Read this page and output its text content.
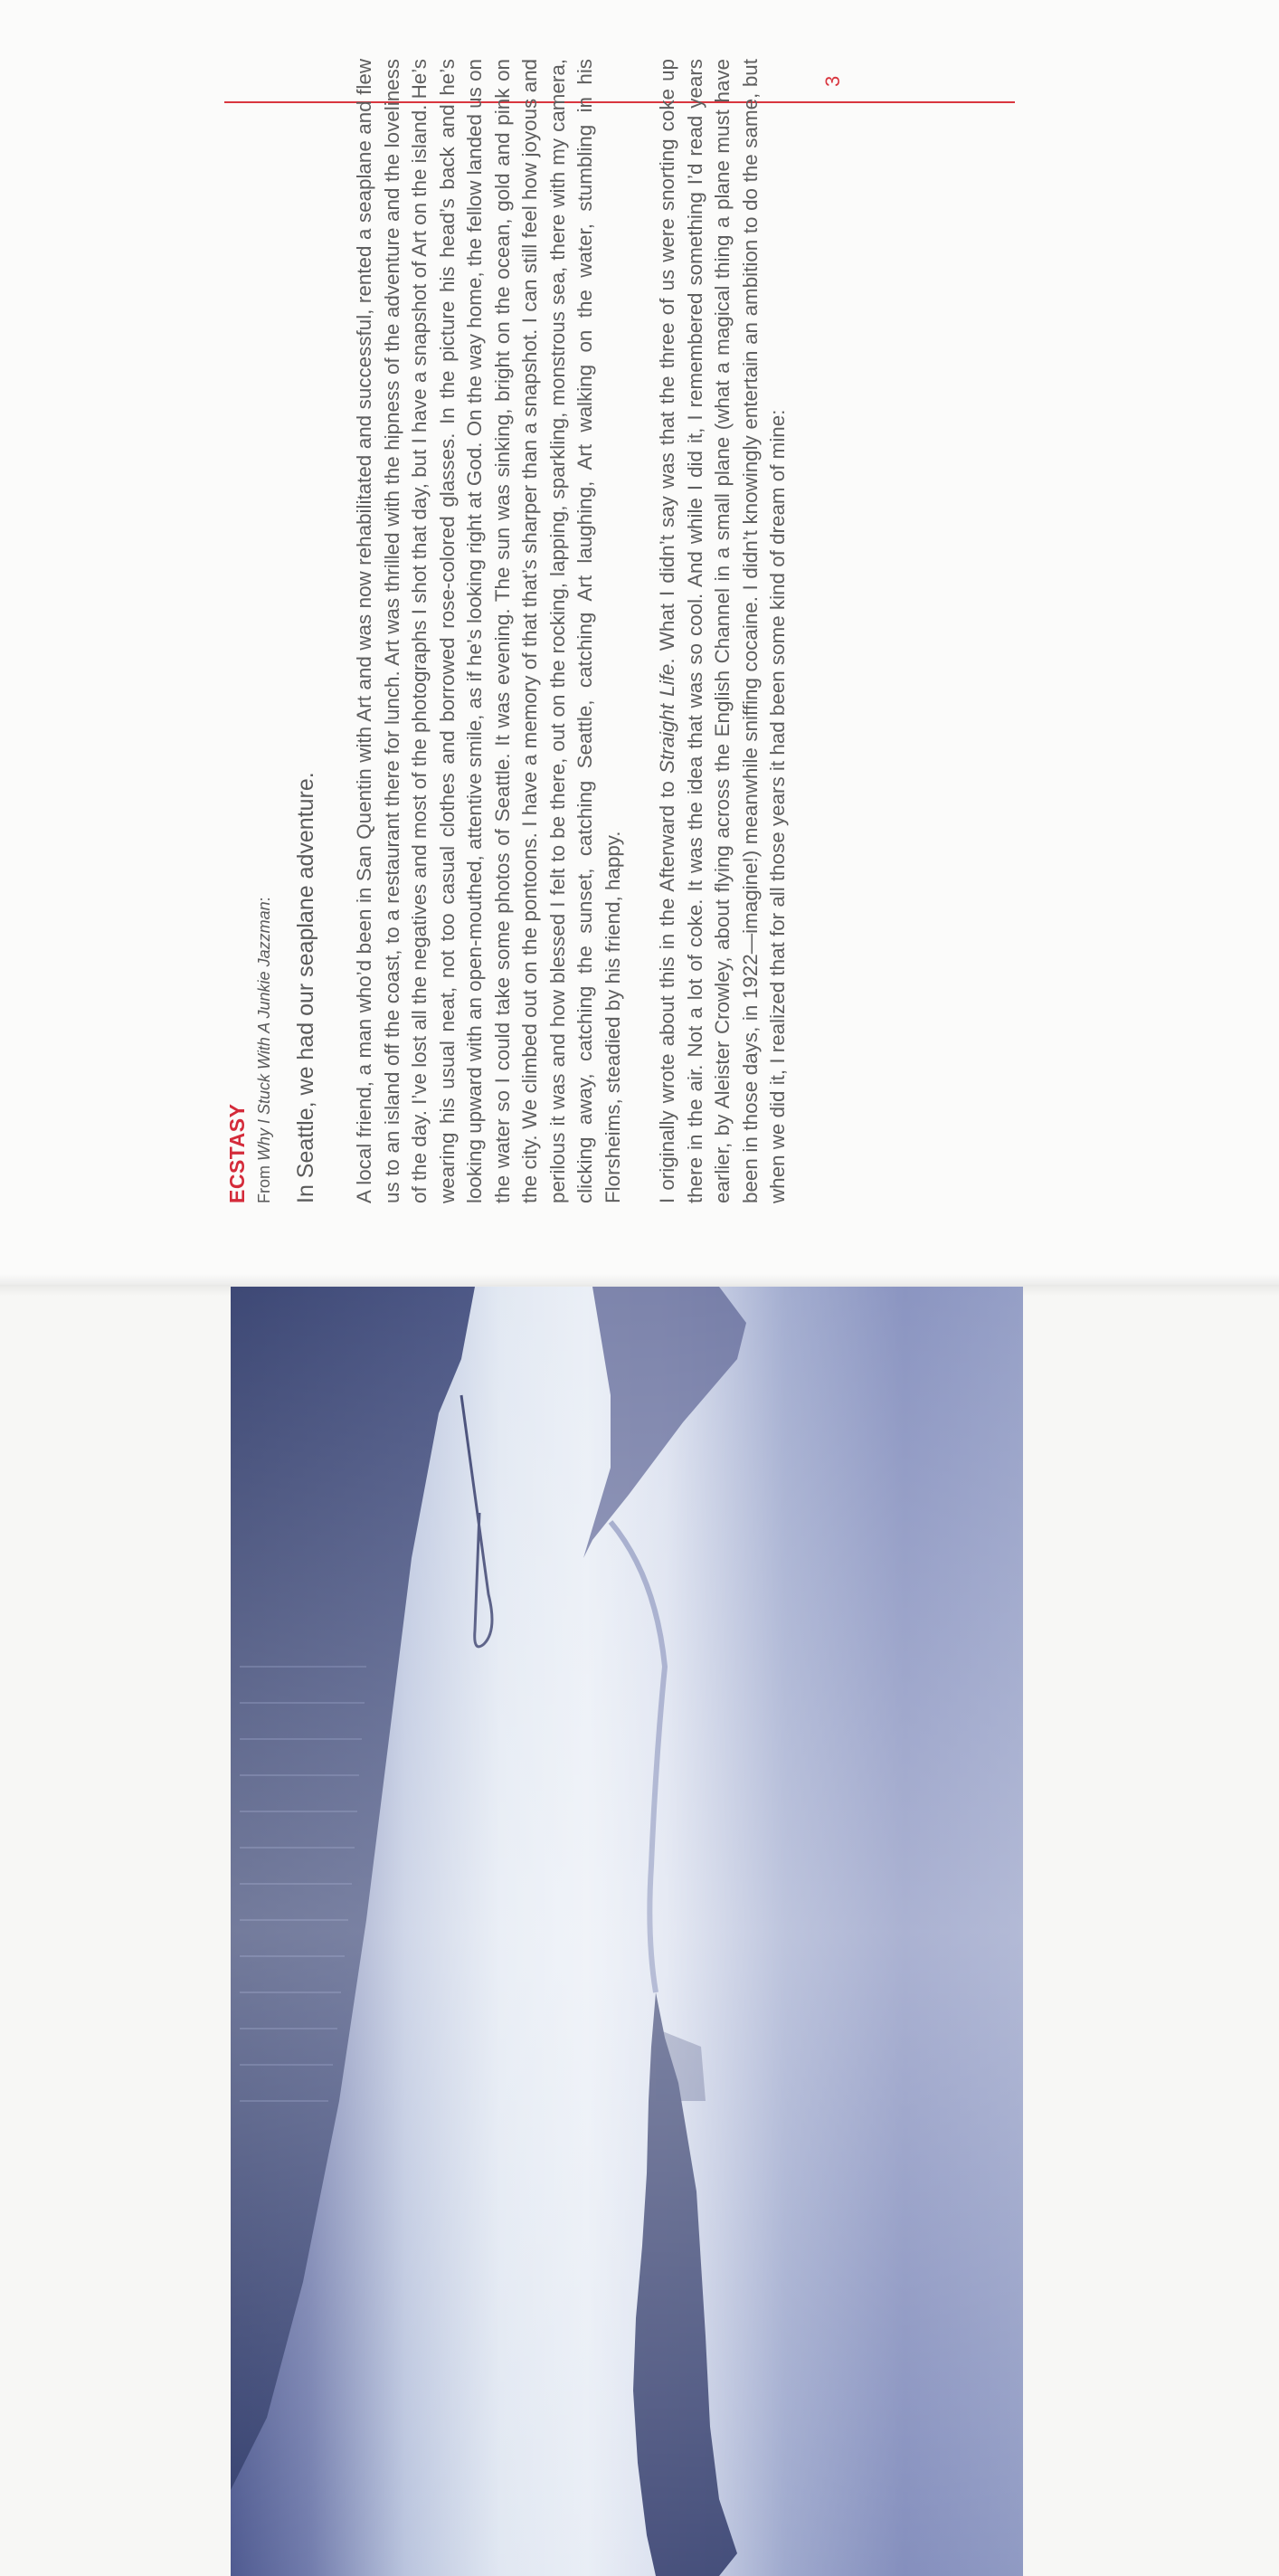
3
ECSTASY From Why I Stuck With A Junkie Jazzman: In Seattle, we had our seaplane adventure. A local friend, a man who’d been in San Quentin with Art and was now rehabilitated and successful, rented a seaplane and flew us to an island off the coast, to a restaurant there for lunch. Art was thrilled with the hipness of the adventure and the loveliness of the day. I’ve lost all the negatives and most of the photographs I shot that day, but I have a snapshot of Art on the island. He’s wearing his usual neat, not too casual clothes and borrowed rose-colored glasses. In the picture his head’s back and he’s looking upward with an open-mouthed, attentive smile, as if he’s looking right at God. On the way home, the fellow landed us on the water so I could take some photos of Seattle. It was evening. The sun was sinking, bright on the ocean, gold and pink on the city. We climbed out on the pontoons. I have a memory of that that’s sharper than a snapshot. I can still feel how joyous and perilous it was and how blessed I felt to be there, out on the rocking, lapping, sparkling, monstrous sea, there with my camera, clicking away, catching the sunset, catching Seattle, catching Art laughing, Art walking on the water, stumbling in his Florsheims, steadied by his friend, happy. I originally wrote about this in the Afterward to Straight Life. What I didn’t say was that the three of us were snorting coke up there in the air. Not a lot of coke. It was the idea that was so cool. And while I did it, I remembered something I’d read years earlier, by Aleister Crowley, about flying across the English Channel in a small plane (what a magical thing a plane must have been in those days, in 1922—imagine!) meanwhile sniffing cocaine. I didn’t knowingly entertain an ambition to do the same, but when we did it, I realized that for all those years it had been some kind of dream of mine:
